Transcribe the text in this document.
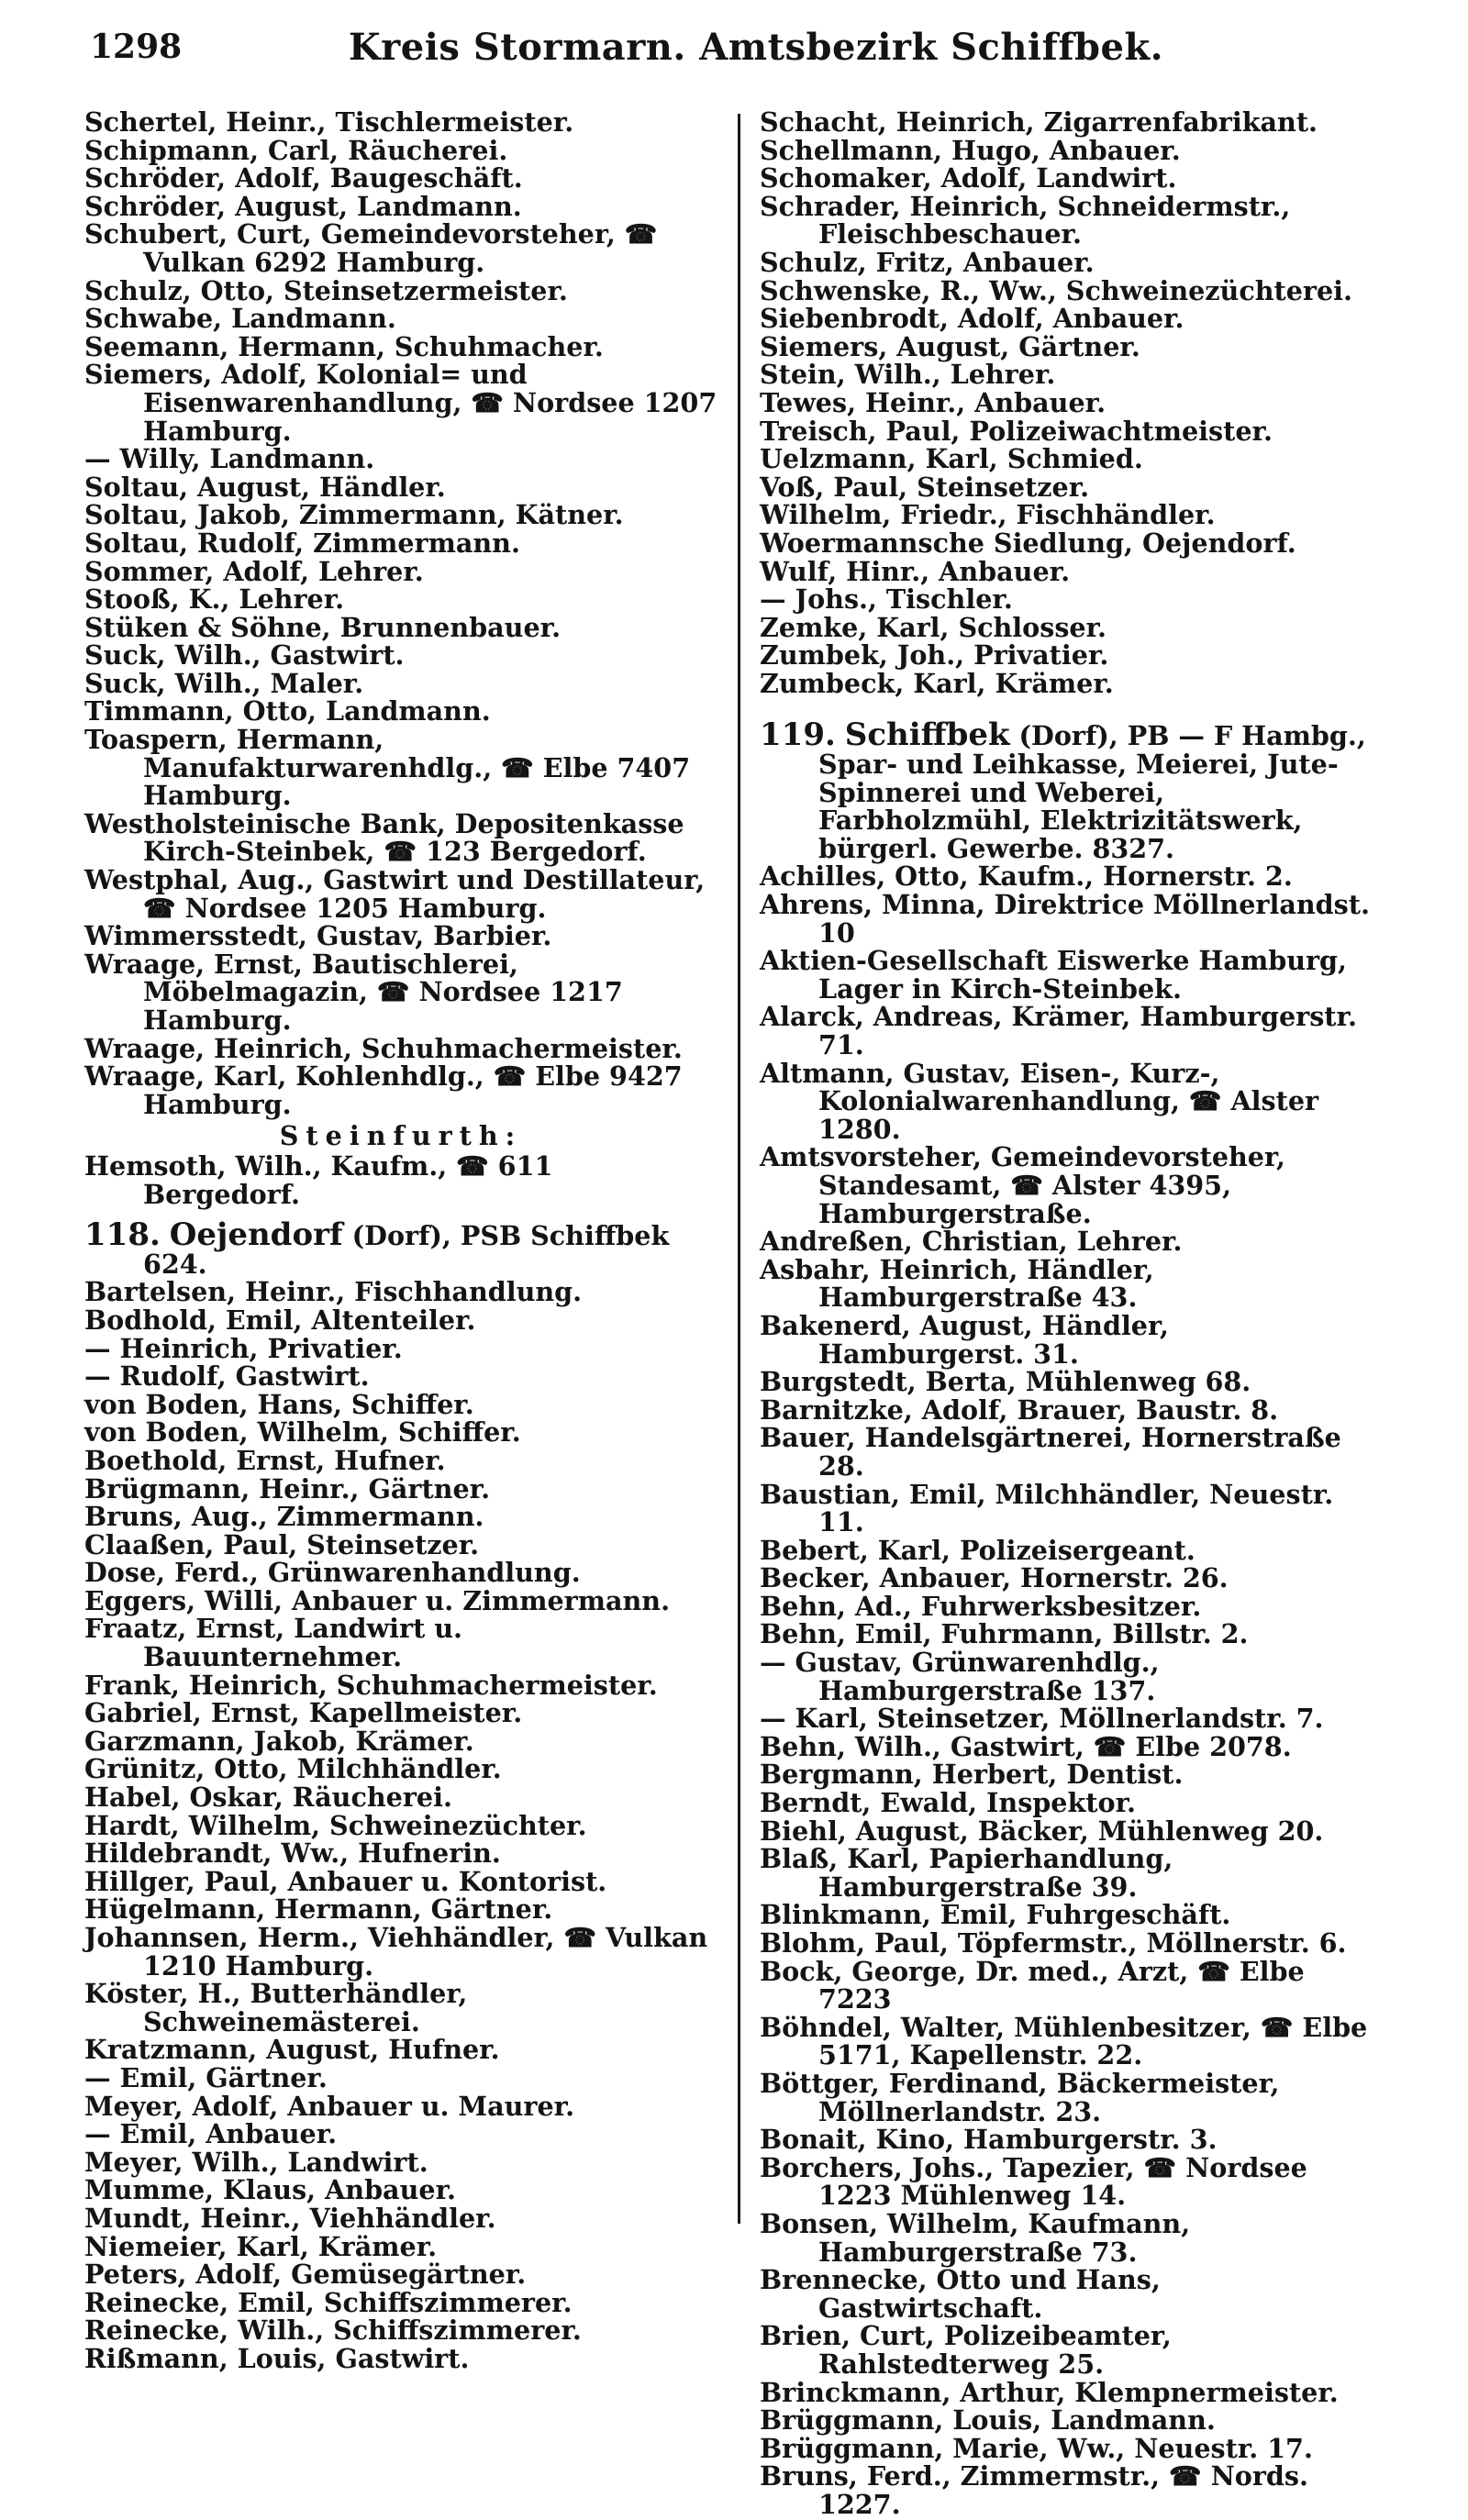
1298	Kreis Stormarn. Amtsbezirk Schiffbek.

Schertel, Heinr., Tischlermeister.

Schipmann, Carl, Räucherei.

Schröder, Adolf, Baugeschäft.

Schröder, August, Landmann.

Schubert, Curt, Gemeindevorsteher, ☎ Vulkan 6292 Hamburg.

Schulz, Otto, Steinsetzermeister.

Schwabe, Landmann.

Seemann, Hermann, Schuhmacher.

Siemers, Adolf, Kolonial= und Eisenwarenhandlung, ☎ Nordsee 1207 Hamburg.

— Willy, Landmann.

Soltau, August, Händler.

Soltau, Jakob, Zimmermann, Kätner.

Soltau, Rudolf, Zimmermann.

Sommer, Adolf, Lehrer.

Stooß, K., Lehrer.

Stüken & Söhne, Brunnenbauer.

Suck, Wilh., Gastwirt.

Suck, Wilh., Maler.

Timmann, Otto, Landmann.

Toaspern, Hermann, Manufakturwarenhdlg., ☎ Elbe 7407 Hamburg.

Westholsteinische Bank, Depositenkasse Kirch-Steinbek, ☎ 123 Bergedorf.

Westphal, Aug., Gastwirt und Destillateur, ☎ Nordsee 1205 Hamburg.

Wimmersstedt, Gustav, Barbier.

Wraage, Ernst, Bautischlerei, Möbelmagazin, ☎ Nordsee 1217 Hamburg.

Wraage, Heinrich, Schuhmachermeister.

Wraage, Karl, Kohlenhdlg., ☎ Elbe 9427 Hamburg.

Steinfurth:

Hemsoth, Wilh., Kaufm., ☎ 611 Bergedorf.

118. Oejendorf (Dorf), PSB Schiffbek 624.

Bartelsen, Heinr., Fischhandlung.

Bodhold, Emil, Altenteiler.

— Heinrich, Privatier.

— Rudolf, Gastwirt.

von Boden, Hans, Schiffer.

von Boden, Wilhelm, Schiffer.

Boethold, Ernst, Hufner.

Brügmann, Heinr., Gärtner.

Bruns, Aug., Zimmermann.

Claaßen, Paul, Steinsetzer.

Dose, Ferd., Grünwarenhandlung.

Eggers, Willi, Anbauer u. Zimmermann.

Fraatz, Ernst, Landwirt u. Bauunternehmer.

Frank, Heinrich, Schuhmachermeister.

Gabriel, Ernst, Kapellmeister.

Garzmann, Jakob, Krämer.

Grünitz, Otto, Milchhändler.

Habel, Oskar, Räucherei.

Hardt, Wilhelm, Schweinezüchter.

Hildebrandt, Ww., Hufnerin.

Hillger, Paul, Anbauer u. Kontorist.

Hügelmann, Hermann, Gärtner.

Johannsen, Herm., Viehhändler, ☎ Vulkan 1210 Hamburg.

Köster, H., Butterhändler, Schweinemästerei.

Kratzmann, August, Hufner.

— Emil, Gärtner.

Meyer, Adolf, Anbauer u. Maurer.

— Emil, Anbauer.

Meyer, Wilh., Landwirt.

Mumme, Klaus, Anbauer.

Mundt, Heinr., Viehhändler.

Niemeier, Karl, Krämer.

Peters, Adolf, Gemüsegärtner.

Reinecke, Emil, Schiffszimmerer.

Reinecke, Wilh., Schiffszimmerer.

Rißmann, Louis, Gastwirt.

Schacht, Heinrich, Zigarrenfabrikant.

Schellmann, Hugo, Anbauer.

Schomaker, Adolf, Landwirt.

Schrader, Heinrich, Schneidermstr., Fleischbeschauer.

Schulz, Fritz, Anbauer.

Schwenske, R., Ww., Schweinezüchterei.

Siebenbrodt, Adolf, Anbauer.

Siemers, August, Gärtner.

Stein, Wilh., Lehrer.

Tewes, Heinr., Anbauer.

Treisch, Paul, Polizeiwachtmeister.

Uelzmann, Karl, Schmied.

Voß, Paul, Steinsetzer.

Wilhelm, Friedr., Fischhändler.

Woermannsche Siedlung, Oejendorf.

Wulf, Hinr., Anbauer.

— Johs., Tischler.

Zemke, Karl, Schlosser.

Zumbek, Joh., Privatier.

Zumbeck, Karl, Krämer.

119. Schiffbek (Dorf), PB — F Hambg., Spar- und Leihkasse, Meierei, Jute-Spinnerei und Weberei, Farbholzmühl, Elektrizitätswerk, bürgerl. Gewerbe. 8327.

Achilles, Otto, Kaufm., Hornerstr. 2.

Ahrens, Minna, Direktrice Möllnerlandst. 10

Aktien-Gesellschaft Eiswerke Hamburg, Lager in Kirch-Steinbek.

Alarck, Andreas, Krämer, Hamburgerstr. 71.

Altmann, Gustav, Eisen-, Kurz-, Kolonialwarenhandlung, ☎ Alster 1280.

Amtsvorsteher, Gemeindevorsteher, Standesamt, ☎ Alster 4395, Hamburgerstraße.

Andreßen, Christian, Lehrer.

Asbahr, Heinrich, Händler, Hamburgerstraße 43.

Bakenerd, August, Händler, Hamburgerst. 31.

Burgstedt, Berta, Mühlenweg 68.

Barnitzke, Adolf, Brauer, Baustr. 8.

Bauer, Handelsgärtnerei, Hornerstraße 28.

Baustian, Emil, Milchhändler, Neuestr. 11.

Bebert, Karl, Polizeisergeant.

Becker, Anbauer, Hornerstr. 26.

Behn, Ad., Fuhrwerksbesitzer.

Behn, Emil, Fuhrmann, Billstr. 2.

— Gustav, Grünwarenhdlg., Hamburgerstraße 137.

— Karl, Steinsetzer, Möllnerlandstr. 7.

Behn, Wilh., Gastwirt, ☎ Elbe 2078.

Bergmann, Herbert, Dentist.

Berndt, Ewald, Inspektor.

Biehl, August, Bäcker, Mühlenweg 20.

Blaß, Karl, Papierhandlung, Hamburgerstraße 39.

Blinkmann, Emil, Fuhrgeschäft.

Blohm, Paul, Töpfermstr., Möllnerstr. 6.

Bock, George, Dr. med., Arzt, ☎ Elbe 7223

Böhndel, Walter, Mühlenbesitzer, ☎ Elbe 5171, Kapellenstr. 22.

Böttger, Ferdinand, Bäckermeister, Möllnerlandstr. 23.

Bonait, Kino, Hamburgerstr. 3.

Borchers, Johs., Tapezier, ☎ Nordsee 1223 Mühlenweg 14.

Bonsen, Wilhelm, Kaufmann, Hamburgerstraße 73.

Brennecke, Otto und Hans, Gastwirtschaft.

Brien, Curt, Polizeibeamter, Rahlstedterweg 25.

Brinckmann, Arthur, Klempnermeister.

Brüggmann, Louis, Landmann.

Brüggmann, Marie, Ww., Neuestr. 17.

Bruns, Ferd., Zimmermstr., ☎ Nords. 1227.
